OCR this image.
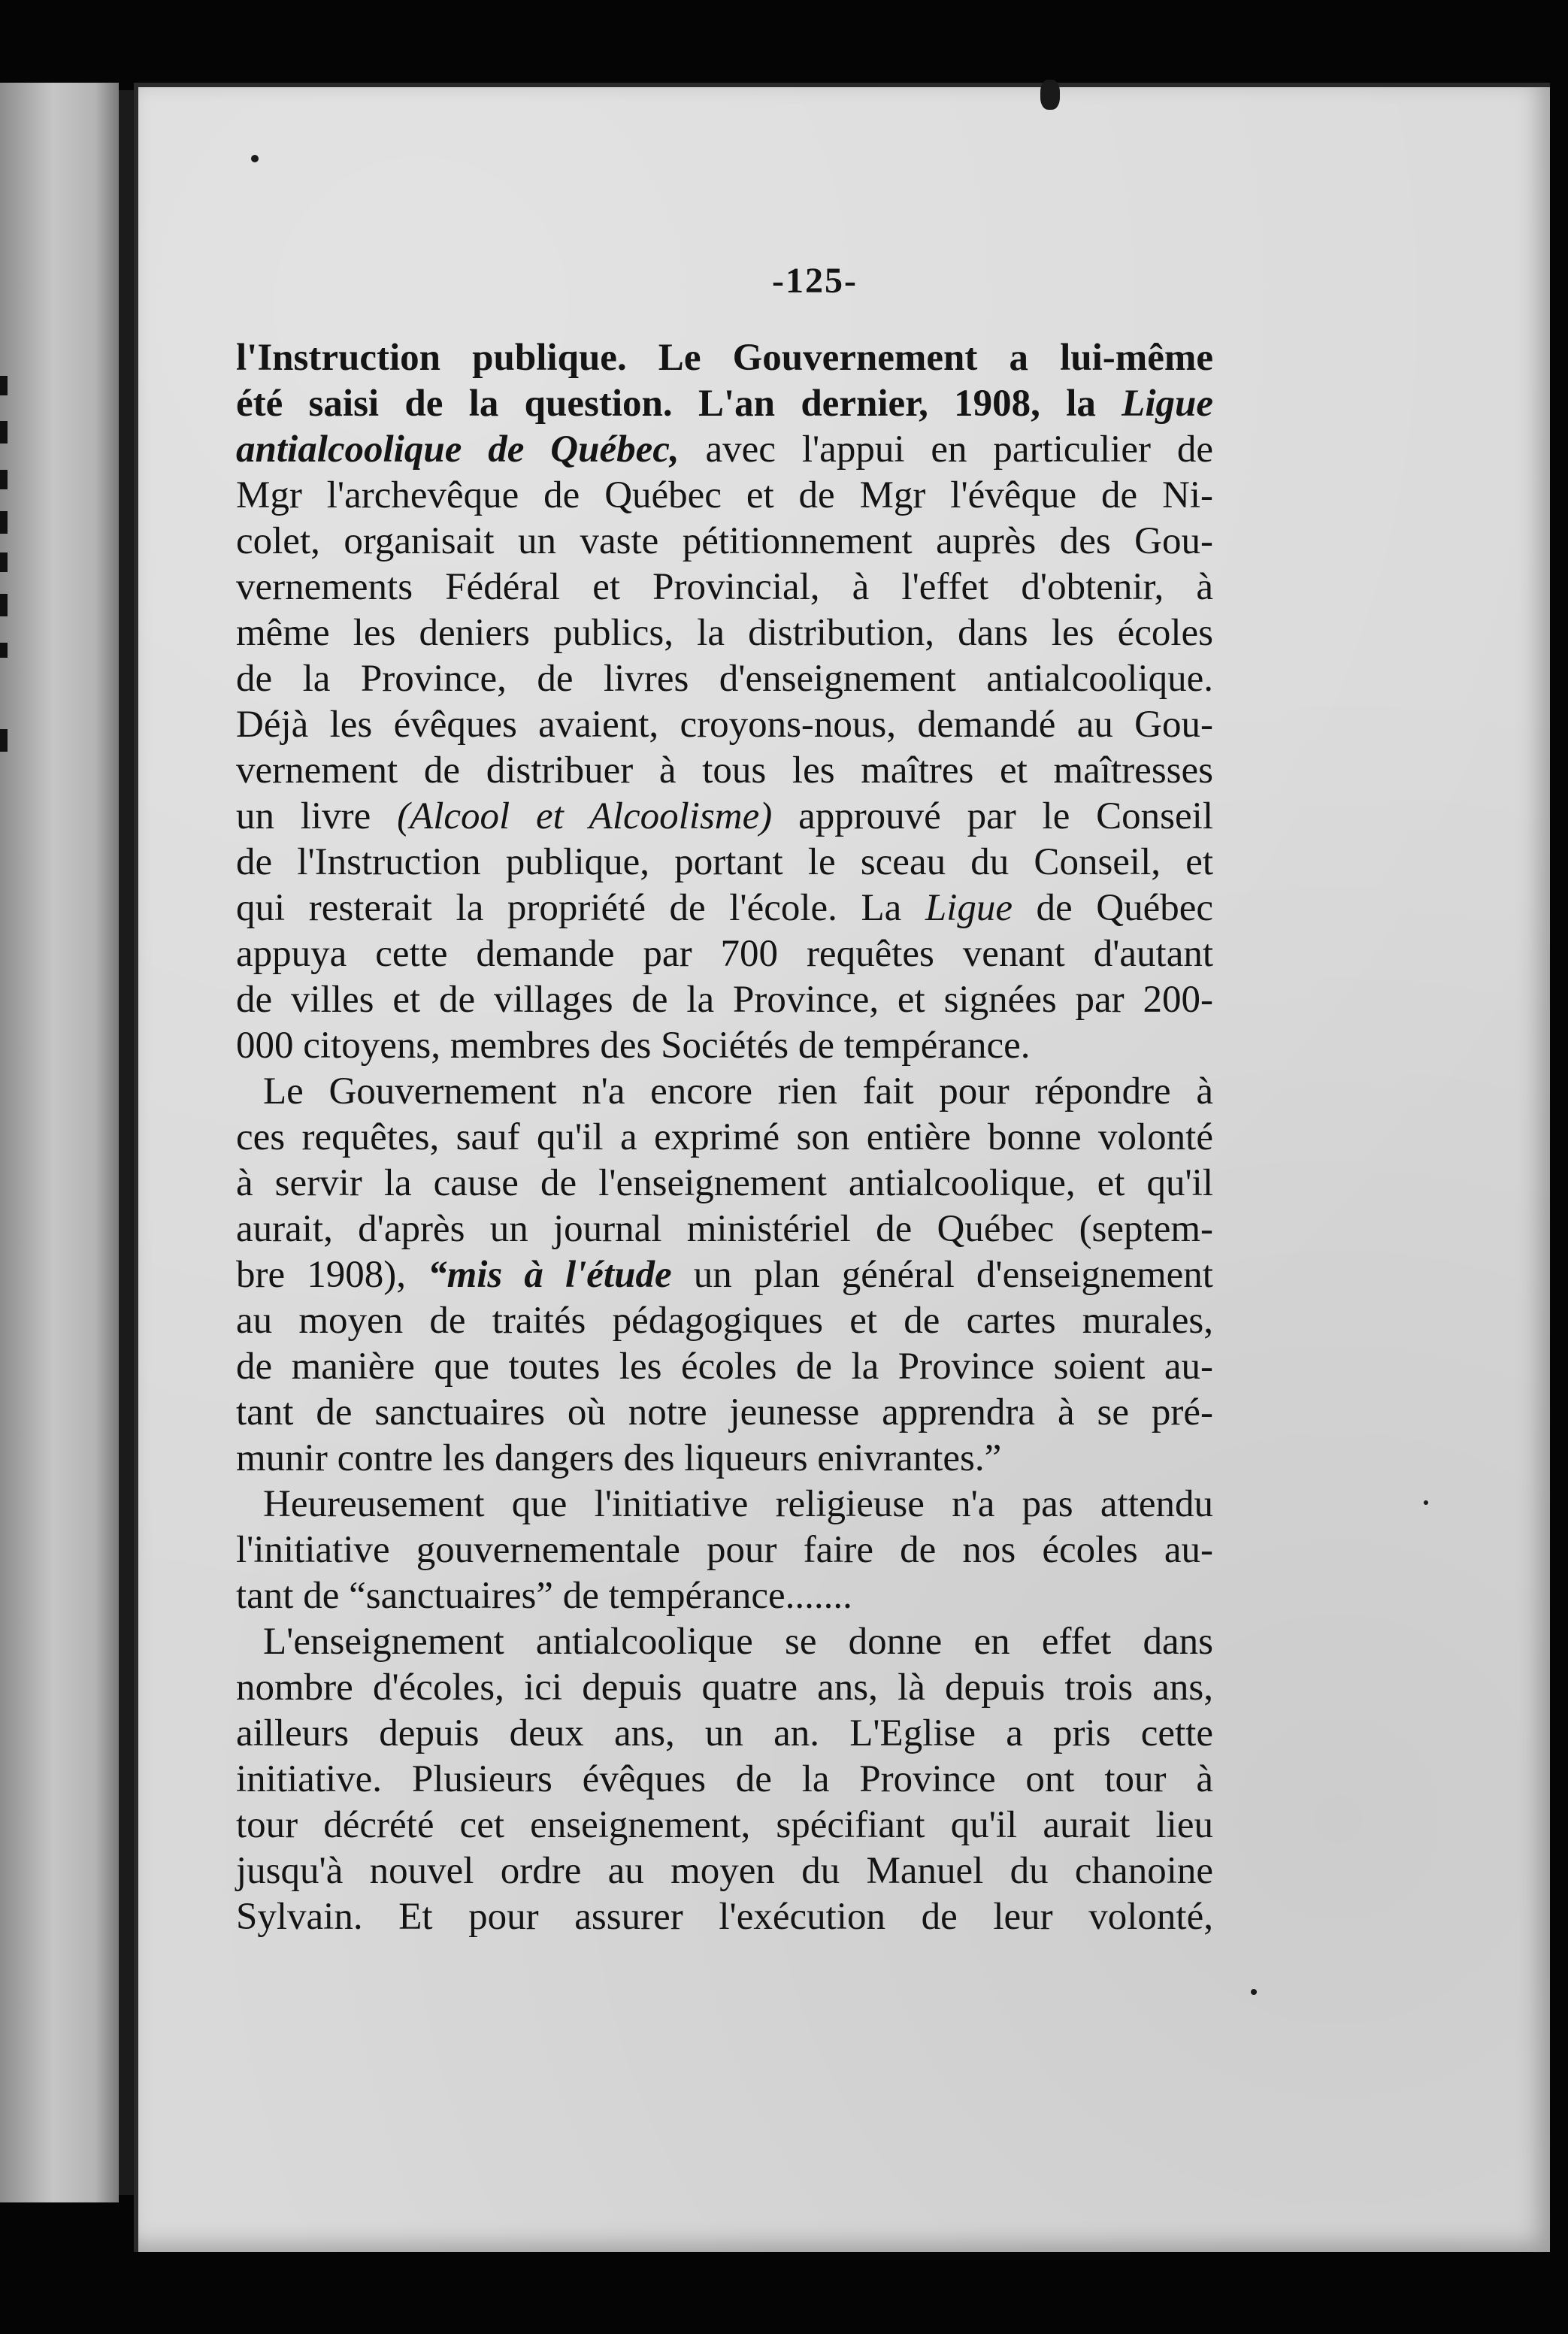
-125-
l'Instruction publique. Le Gouvernement a lui-même
été saisi de la question. L'an dernier, 1908, la Ligue
antialcoolique de Québec, avec l'appui en particulier de
Mgr l'archevêque de Québec et de Mgr l'évêque de Ni-
colet, organisait un vaste pétitionnement auprès des Gou-
vernements Fédéral et Provincial, à l'effet d'obtenir, à
même les deniers publics, la distribution, dans les écoles
de la Province, de livres d'enseignement antialcoolique.
Déjà les évêques avaient, croyons-nous, demandé au Gou-
vernement de distribuer à tous les maîtres et maîtresses
un livre (Alcool et Alcoolisme) approuvé par le Conseil
de l'Instruction publique, portant le sceau du Conseil, et
qui resterait la propriété de l'école. La Ligue de Québec
appuya cette demande par 700 requêtes venant d'autant
de villes et de villages de la Province, et signées par 200-
000 citoyens, membres des Sociétés de tempérance.
Le Gouvernement n'a encore rien fait pour répondre à
ces requêtes, sauf qu'il a exprimé son entière bonne volonté
à servir la cause de l'enseignement antialcoolique, et qu'il
aurait, d'après un journal ministériel de Québec (septem-
bre 1908), “mis à l'étude un plan général d'enseignement
au moyen de traités pédagogiques et de cartes murales,
de manière que toutes les écoles de la Province soient au-
tant de sanctuaires où notre jeunesse apprendra à se pré-
munir contre les dangers des liqueurs enivrantes.”
Heureusement que l'initiative religieuse n'a pas attendu
l'initiative gouvernementale pour faire de nos écoles au-
tant de “sanctuaires” de tempérance.......
L'enseignement antialcoolique se donne en effet dans
nombre d'écoles, ici depuis quatre ans, là depuis trois ans,
ailleurs depuis deux ans, un an. L'Eglise a pris cette
initiative. Plusieurs évêques de la Province ont tour à
tour décrété cet enseignement, spécifiant qu'il aurait lieu
jusqu'à nouvel ordre au moyen du Manuel du chanoine
Sylvain. Et pour assurer l'exécution de leur volonté,
